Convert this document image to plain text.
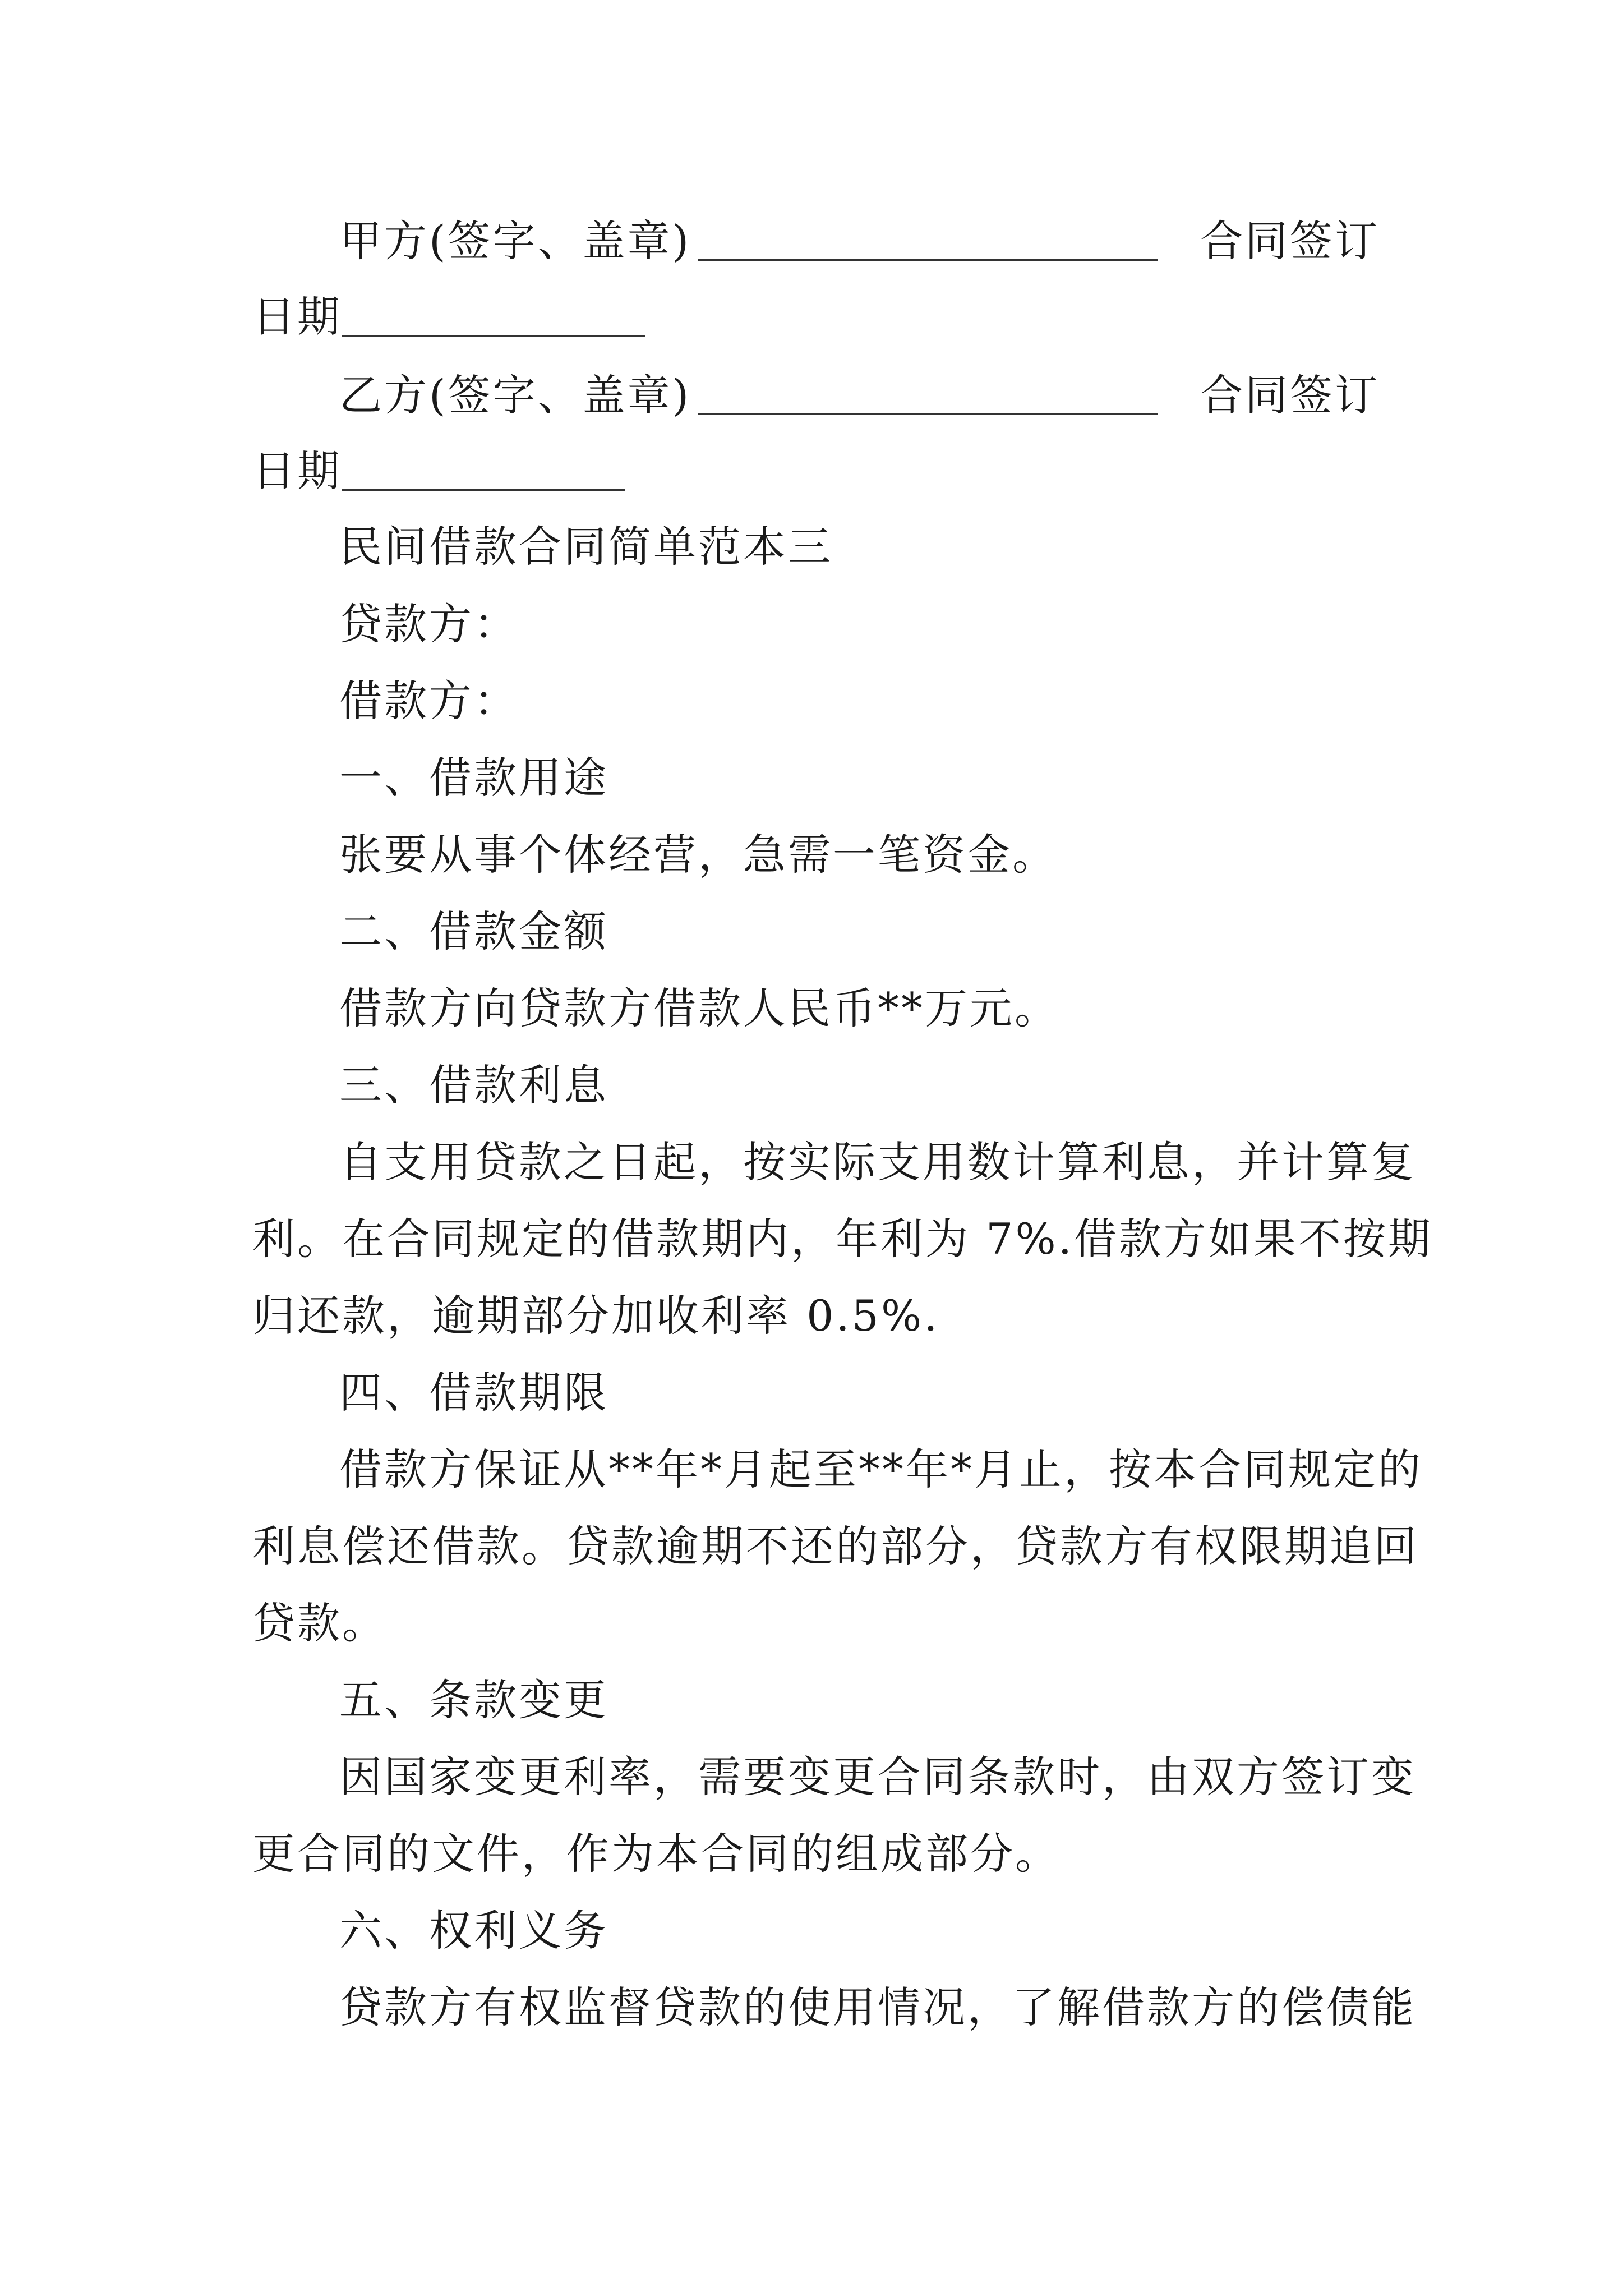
甲方(签字、盖章)	合同签订
日期
乙方(签字、盖章)	合同签订
日期
民间借款合同简单范本三
贷款方：
借款方：
一、借款用途
张要从事个体经营，急需一笔资金。
二、借款金额
借款方向贷款方借款人民币**万元。
三、借款利息
自支用贷款之日起，按实际支用数计算利息，并计算复
利。在合同规定的借款期内，年利为 7%.借款方如果不按期
归还款，逾期部分加收利率 0.5%.
四、借款期限
借款方保证从**年*月起至**年*月止，按本合同规定的
利息偿还借款。贷款逾期不还的部分，贷款方有权限期追回
贷款。
五、条款变更
因国家变更利率，需要变更合同条款时，由双方签订变
更合同的文件，作为本合同的组成部分。
六、权利义务
贷款方有权监督贷款的使用情况，了解借款方的偿债能
